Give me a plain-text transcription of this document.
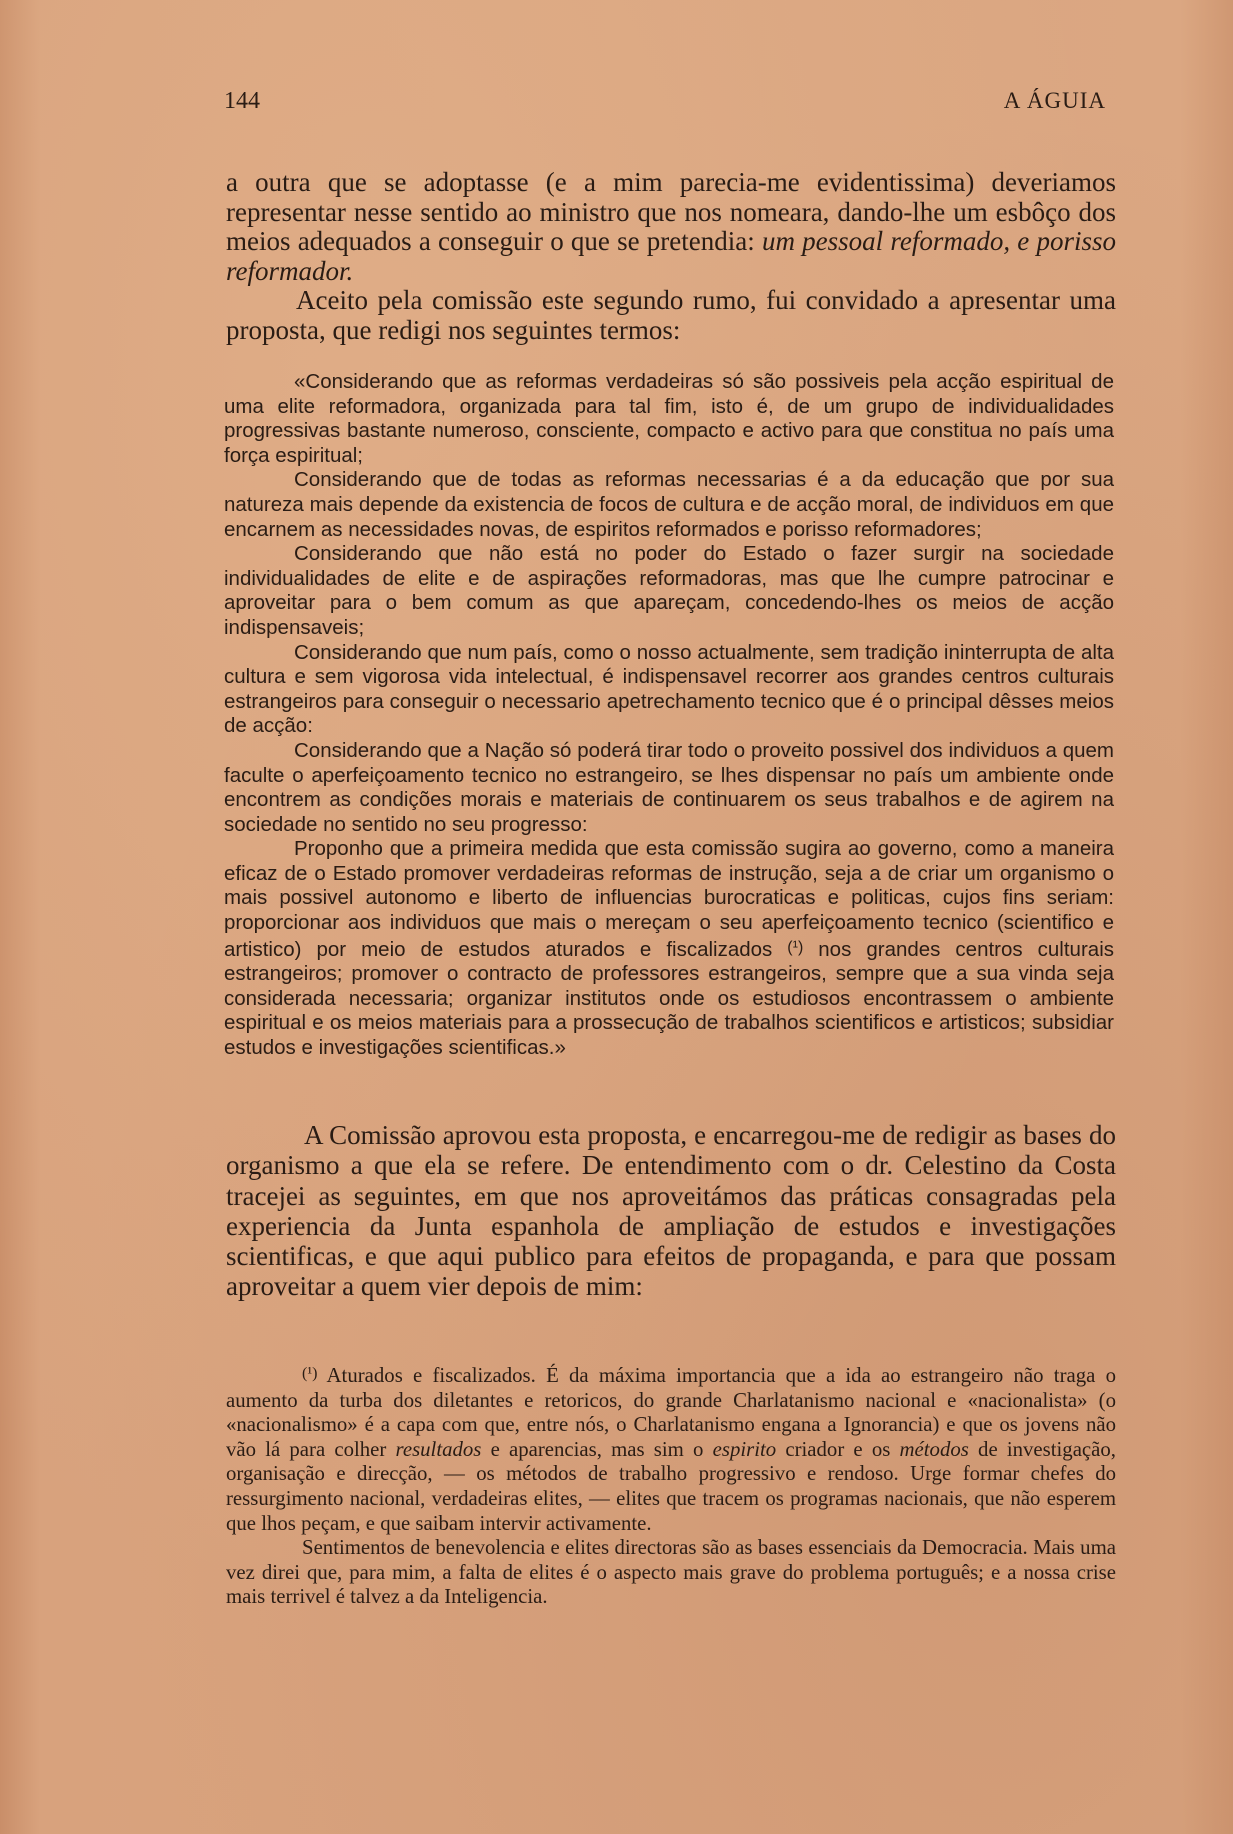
144	A ÁGUIA

a outra que se adoptasse (e a mim parecia-me evidentissima) deveriamos representar nesse sentido ao ministro que nos nomeara, dando-lhe um esbôço dos meios adequados a conseguir o que se pretendia: um pessoal reformado, e porisso reformador.

Aceito pela comissão este segundo rumo, fui convidado a apresentar uma proposta, que redigi nos seguintes termos:

«Considerando que as reformas verdadeiras só são possiveis pela acção espiritual de uma elite reformadora, organizada para tal fim, isto é, de um grupo de individualidades progressivas bastante numeroso, consciente, compacto e activo para que constitua no país uma força espiritual;

Considerando que de todas as reformas necessarias é a da educação que por sua natureza mais depende da existencia de focos de cultura e de acção moral, de individuos em que encarnem as necessidades novas, de espiritos reformados e porisso reformadores;

Considerando que não está no poder do Estado o fazer surgir na sociedade individualidades de elite e de aspirações reformadoras, mas que lhe cumpre patrocinar e aproveitar para o bem comum as que apareçam, concedendo-lhes os meios de acção indispensaveis;

Considerando que num país, como o nosso actualmente, sem tradição ininterrupta de alta cultura e sem vigorosa vida intelectual, é indispensavel recorrer aos grandes centros culturais estrangeiros para conseguir o necessario apetrechamento tecnico que é o principal dêsses meios de acção:

Considerando que a Nação só poderá tirar todo o proveito possivel dos individuos a quem faculte o aperfeiçoamento tecnico no estrangeiro, se lhes dispensar no país um ambiente onde encontrem as condições morais e materiais de continuarem os seus trabalhos e de agirem na sociedade no sentido no seu progresso:

Proponho que a primeira medida que esta comissão sugira ao governo, como a maneira eficaz de o Estado promover verdadeiras reformas de instrução, seja a de criar um organismo o mais possivel autonomo e liberto de influencias burocraticas e politicas, cujos fins seriam: proporcionar aos individuos que mais o mereçam o seu aperfeiçoamento tecnico (scientifico e artistico) por meio de estudos aturados e fiscalizados (¹) nos grandes centros culturais estrangeiros; promover o contracto de professores estrangeiros, sempre que a sua vinda seja considerada necessaria; organizar institutos onde os estudiosos encontrassem o ambiente espiritual e os meios materiais para a prossecução de trabalhos scientificos e artisticos; subsidiar estudos e investigações scientificas.»

A Comissão aprovou esta proposta, e encarregou-me de redigir as bases do organismo a que ela se refere. De entendimento com o dr. Celestino da Costa tracejei as seguintes, em que nos aproveitámos das práticas consagradas pela experiencia da Junta espanhola de ampliação de estudos e investigações scientificas, e que aqui publico para efeitos de propaganda, e para que possam aproveitar a quem vier depois de mim:

(¹) Aturados e fiscalizados. É da máxima importancia que a ida ao estrangeiro não traga o aumento da turba dos diletantes e retoricos, do grande Charlatanismo nacional e «nacionalista» (o «nacionalismo» é a capa com que, entre nós, o Charlatanismo engana a Ignorancia) e que os jovens não vão lá para colher resultados e aparencias, mas sim o espirito criador e os métodos de investigação, organisação e direcção, — os métodos de trabalho progressivo e rendoso. Urge formar chefes do ressurgimento nacional, verdadeiras elites, — elites que tracem os programas nacionais, que não esperem que lhos peçam, e que saibam intervir activamente.

Sentimentos de benevolencia e elites directoras são as bases essenciais da Democracia. Mais uma vez direi que, para mim, a falta de elites é o aspecto mais grave do problema português; e a nossa crise mais terrivel é talvez a da Inteligencia.
